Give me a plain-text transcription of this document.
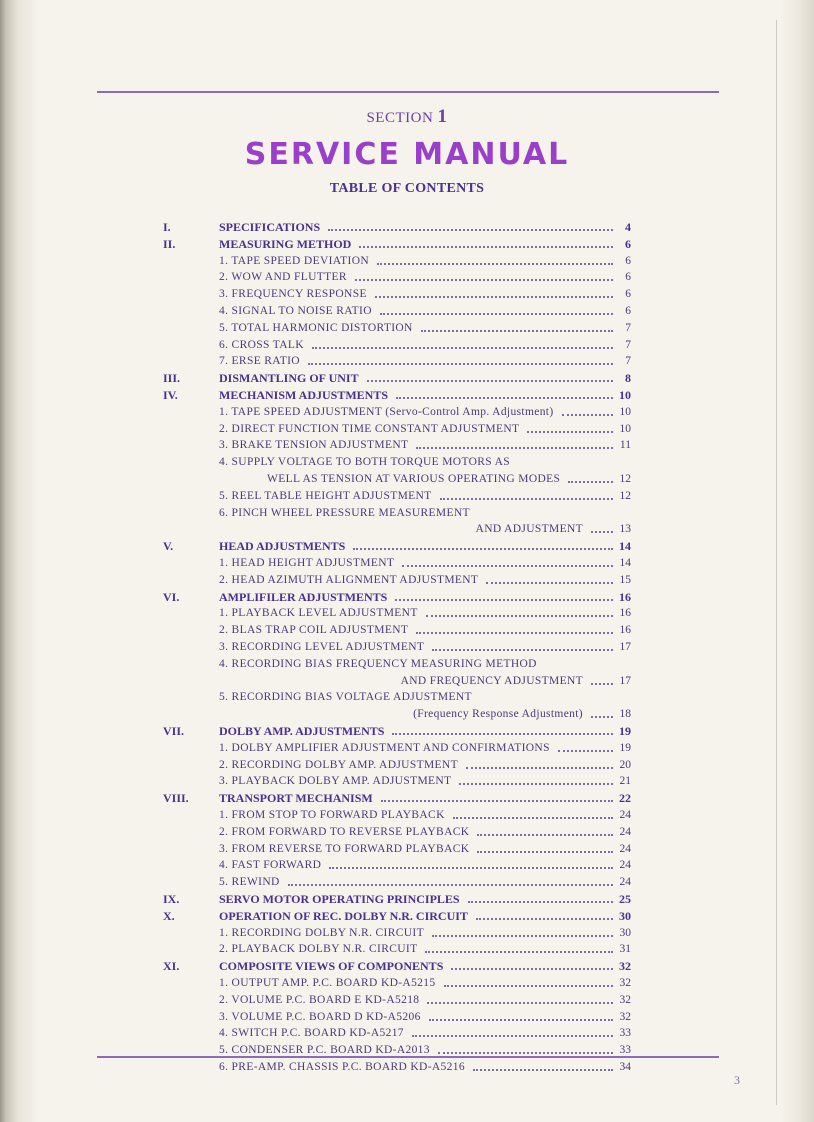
SECTION 1
SERVICE MANUAL
TABLE OF CONTENTS
I.	SPECIFICATIONS	4
II.	MEASURING METHOD	6
1. TAPE SPEED DEVIATION	6
2. WOW AND FLUTTER	6
3. FREQUENCY RESPONSE	6
4. SIGNAL TO NOISE RATIO	6
5. TOTAL HARMONIC DISTORTION	7
6. CROSS TALK	7
7. ERSE RATIO	7
III.	DISMANTLING OF UNIT	8
IV.	MECHANISM ADJUSTMENTS	10
1. TAPE SPEED ADJUSTMENT (Servo-Control Amp. Adjustment)	10
2. DIRECT FUNCTION TIME CONSTANT ADJUSTMENT	10
3. BRAKE TENSION ADJUSTMENT	11
4. SUPPLY VOLTAGE TO BOTH TORQUE MOTORS AS
WELL AS TENSION AT VARIOUS OPERATING MODES	12
5. REEL TABLE HEIGHT ADJUSTMENT	12
6. PINCH WHEEL PRESSURE MEASUREMENT
AND ADJUSTMENT	13
V.	HEAD ADJUSTMENTS	14
1. HEAD HEIGHT ADJUSTMENT	14
2. HEAD AZIMUTH ALIGNMENT ADJUSTMENT	15
VI.	AMPLIFILER ADJUSTMENTS	16
1. PLAYBACK LEVEL ADJUSTMENT	16
2. BLAS TRAP COIL ADJUSTMENT	16
3. RECORDING LEVEL ADJUSTMENT	17
4. RECORDING BIAS FREQUENCY MEASURING METHOD
AND FREQUENCY ADJUSTMENT	17
5. RECORDING BIAS VOLTAGE ADJUSTMENT
(Frequency Response Adjustment)	18
VII.	DOLBY AMP. ADJUSTMENTS	19
1. DOLBY AMPLIFIER ADJUSTMENT AND CONFIRMATIONS	19
2. RECORDING DOLBY AMP. ADJUSTMENT	20
3. PLAYBACK DOLBY AMP. ADJUSTMENT	21
VIII.	TRANSPORT MECHANISM	22
1. FROM STOP TO FORWARD PLAYBACK	24
2. FROM FORWARD TO REVERSE PLAYBACK	24
3. FROM REVERSE TO FORWARD PLAYBACK	24
4. FAST FORWARD	24
5. REWIND	24
IX.	SERVO MOTOR OPERATING PRINCIPLES	25
X.	OPERATION OF REC. DOLBY N.R. CIRCUIT	30
1. RECORDING DOLBY N.R. CIRCUIT	30
2. PLAYBACK DOLBY N.R. CIRCUIT	31
XI.	COMPOSITE VIEWS OF COMPONENTS	32
1. OUTPUT AMP. P.C. BOARD KD-A5215	32
2. VOLUME P.C. BOARD E KD-A5218	32
3. VOLUME P.C. BOARD D KD-A5206	32
4. SWITCH P.C. BOARD KD-A5217	33
5. CONDENSER P.C. BOARD KD-A2013	33
6. PRE-AMP. CHASSIS P.C. BOARD KD-A5216	34
3
